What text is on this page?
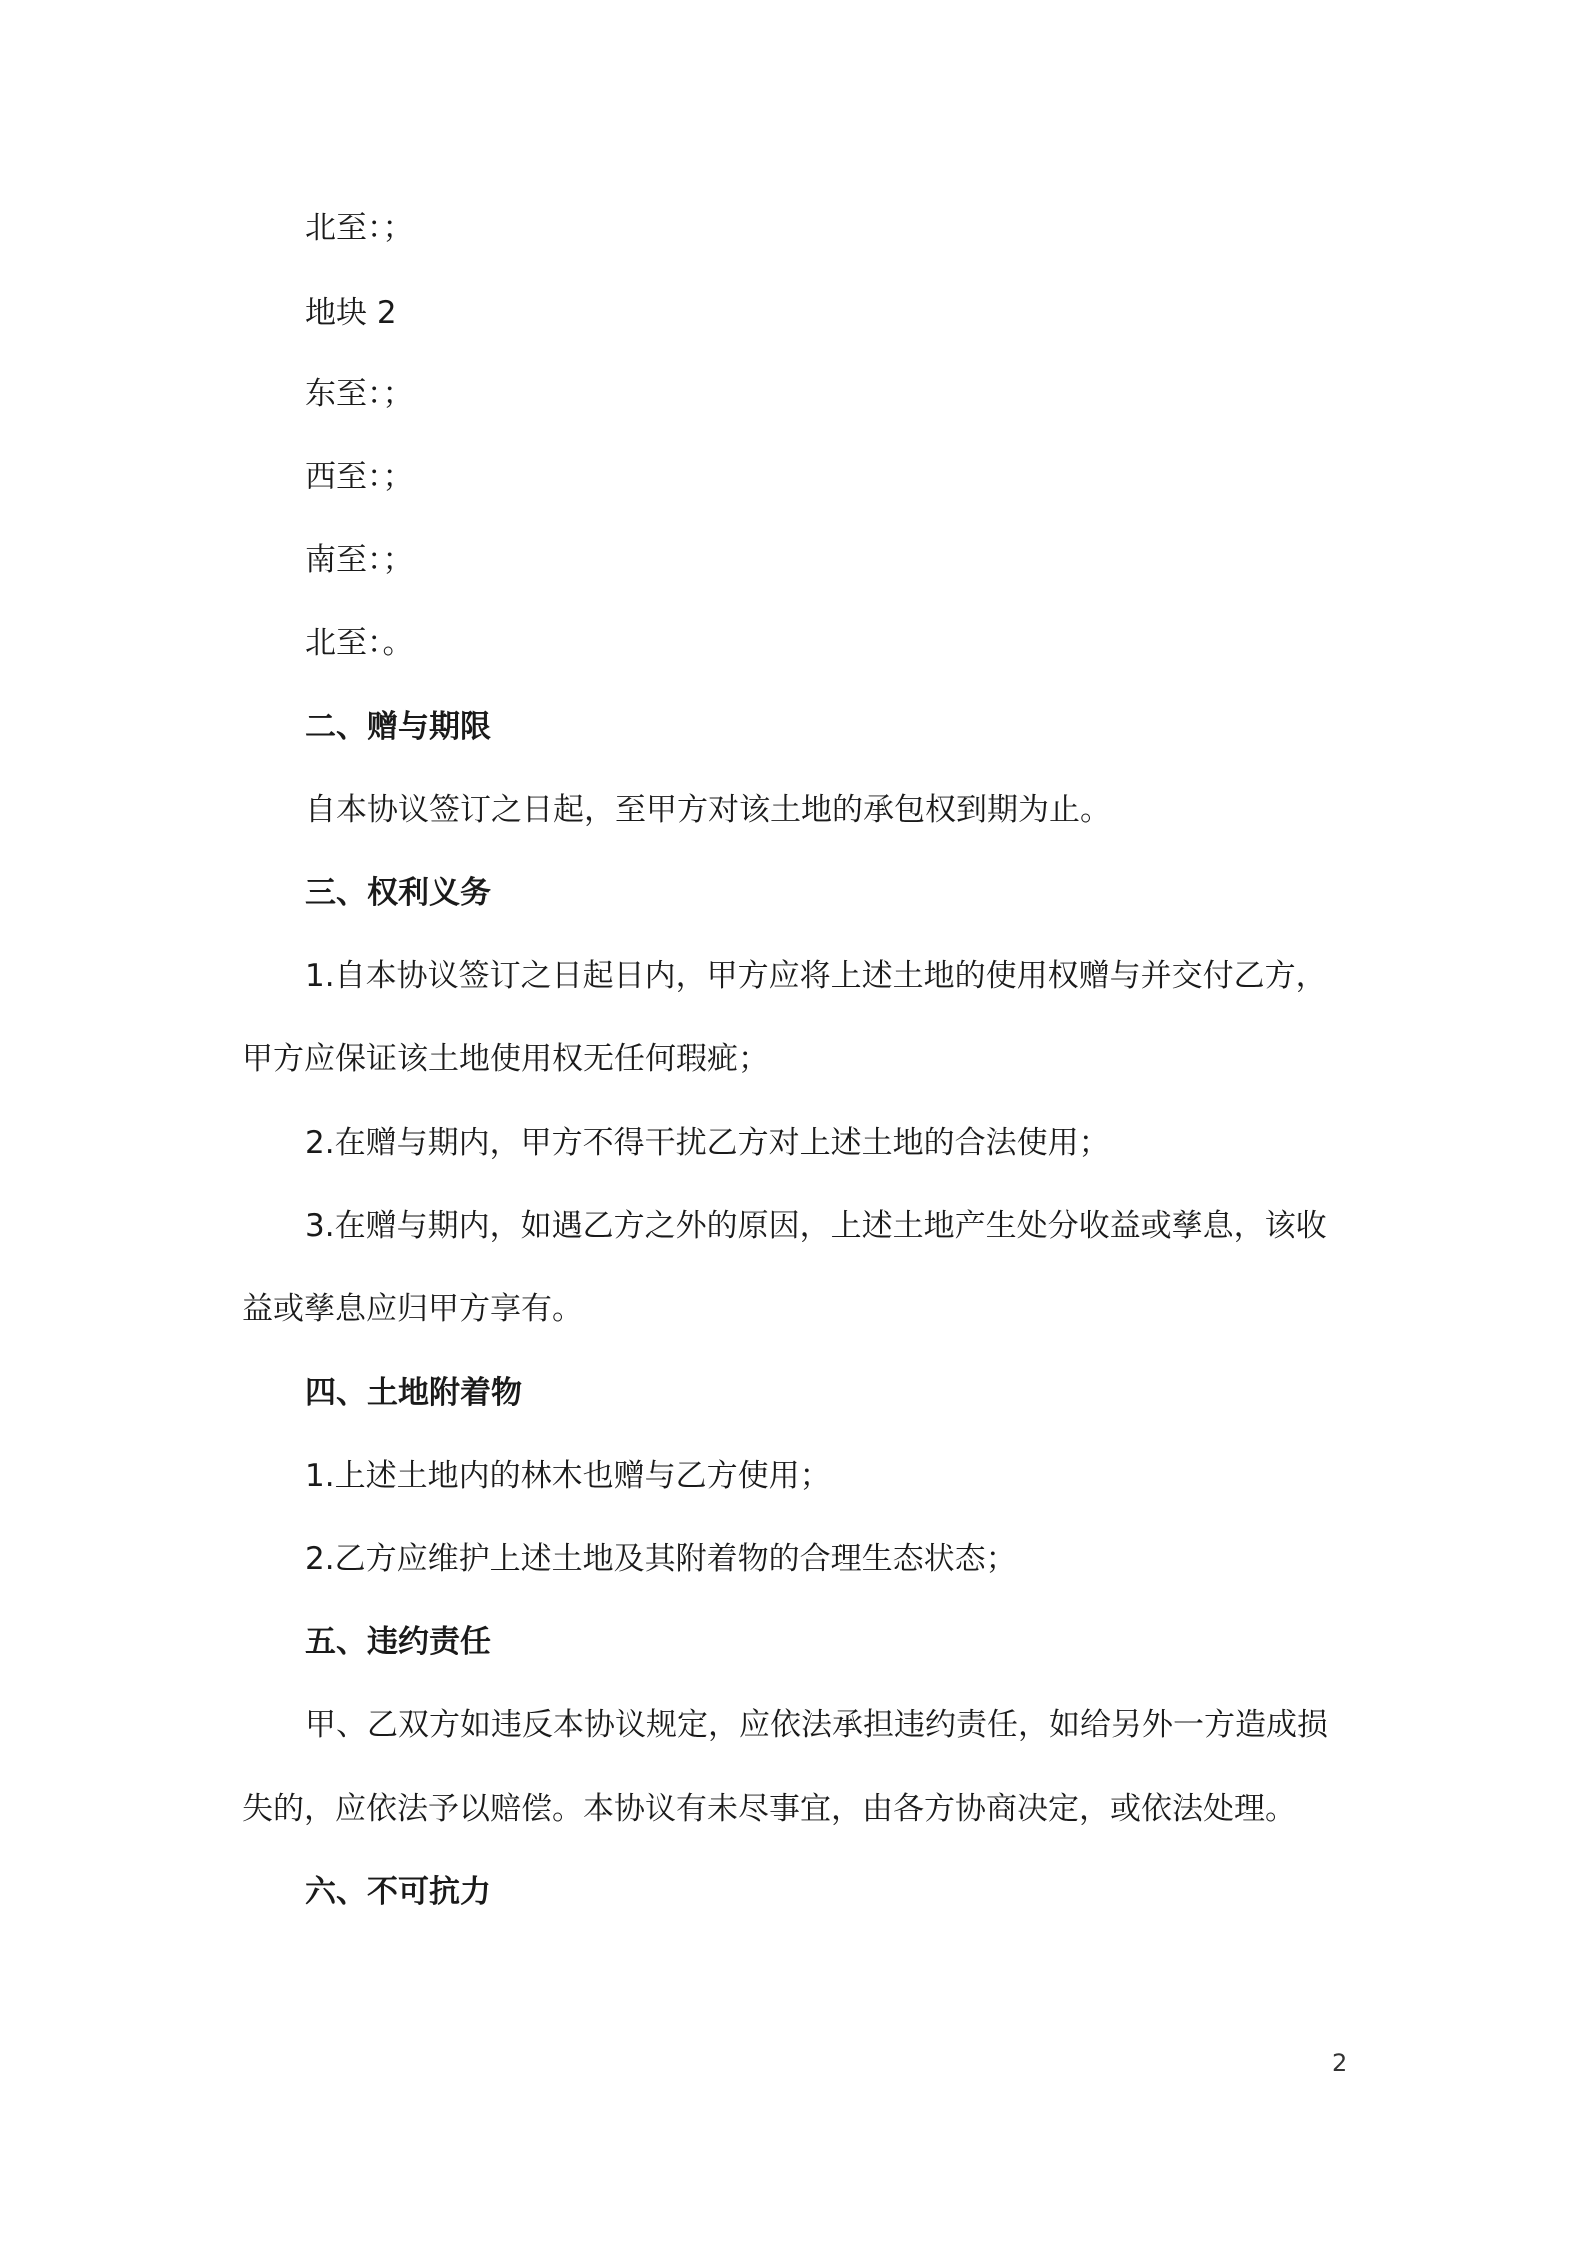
北至：；
地块 2
东至：；
西至：；
南至：；
北至：。
二、赠与期限
自本协议签订之日起，至甲方对该土地的承包权到期为止。
三、权利义务
1.自本协议签订之日起日内，甲方应将上述土地的使用权赠与并交付乙方，
甲方应保证该土地使用权无任何瑕疵；
2.在赠与期内，甲方不得干扰乙方对上述土地的合法使用；
3.在赠与期内，如遇乙方之外的原因，上述土地产生处分收益或孳息，该收
益或孳息应归甲方享有。
四、土地附着物
1.上述土地内的林木也赠与乙方使用；
2.乙方应维护上述土地及其附着物的合理生态状态；
五、违约责任
甲、乙双方如违反本协议规定，应依法承担违约责任，如给另外一方造成损
失的，应依法予以赔偿。本协议有未尽事宜，由各方协商决定，或依法处理。
六、不可抗力
2
